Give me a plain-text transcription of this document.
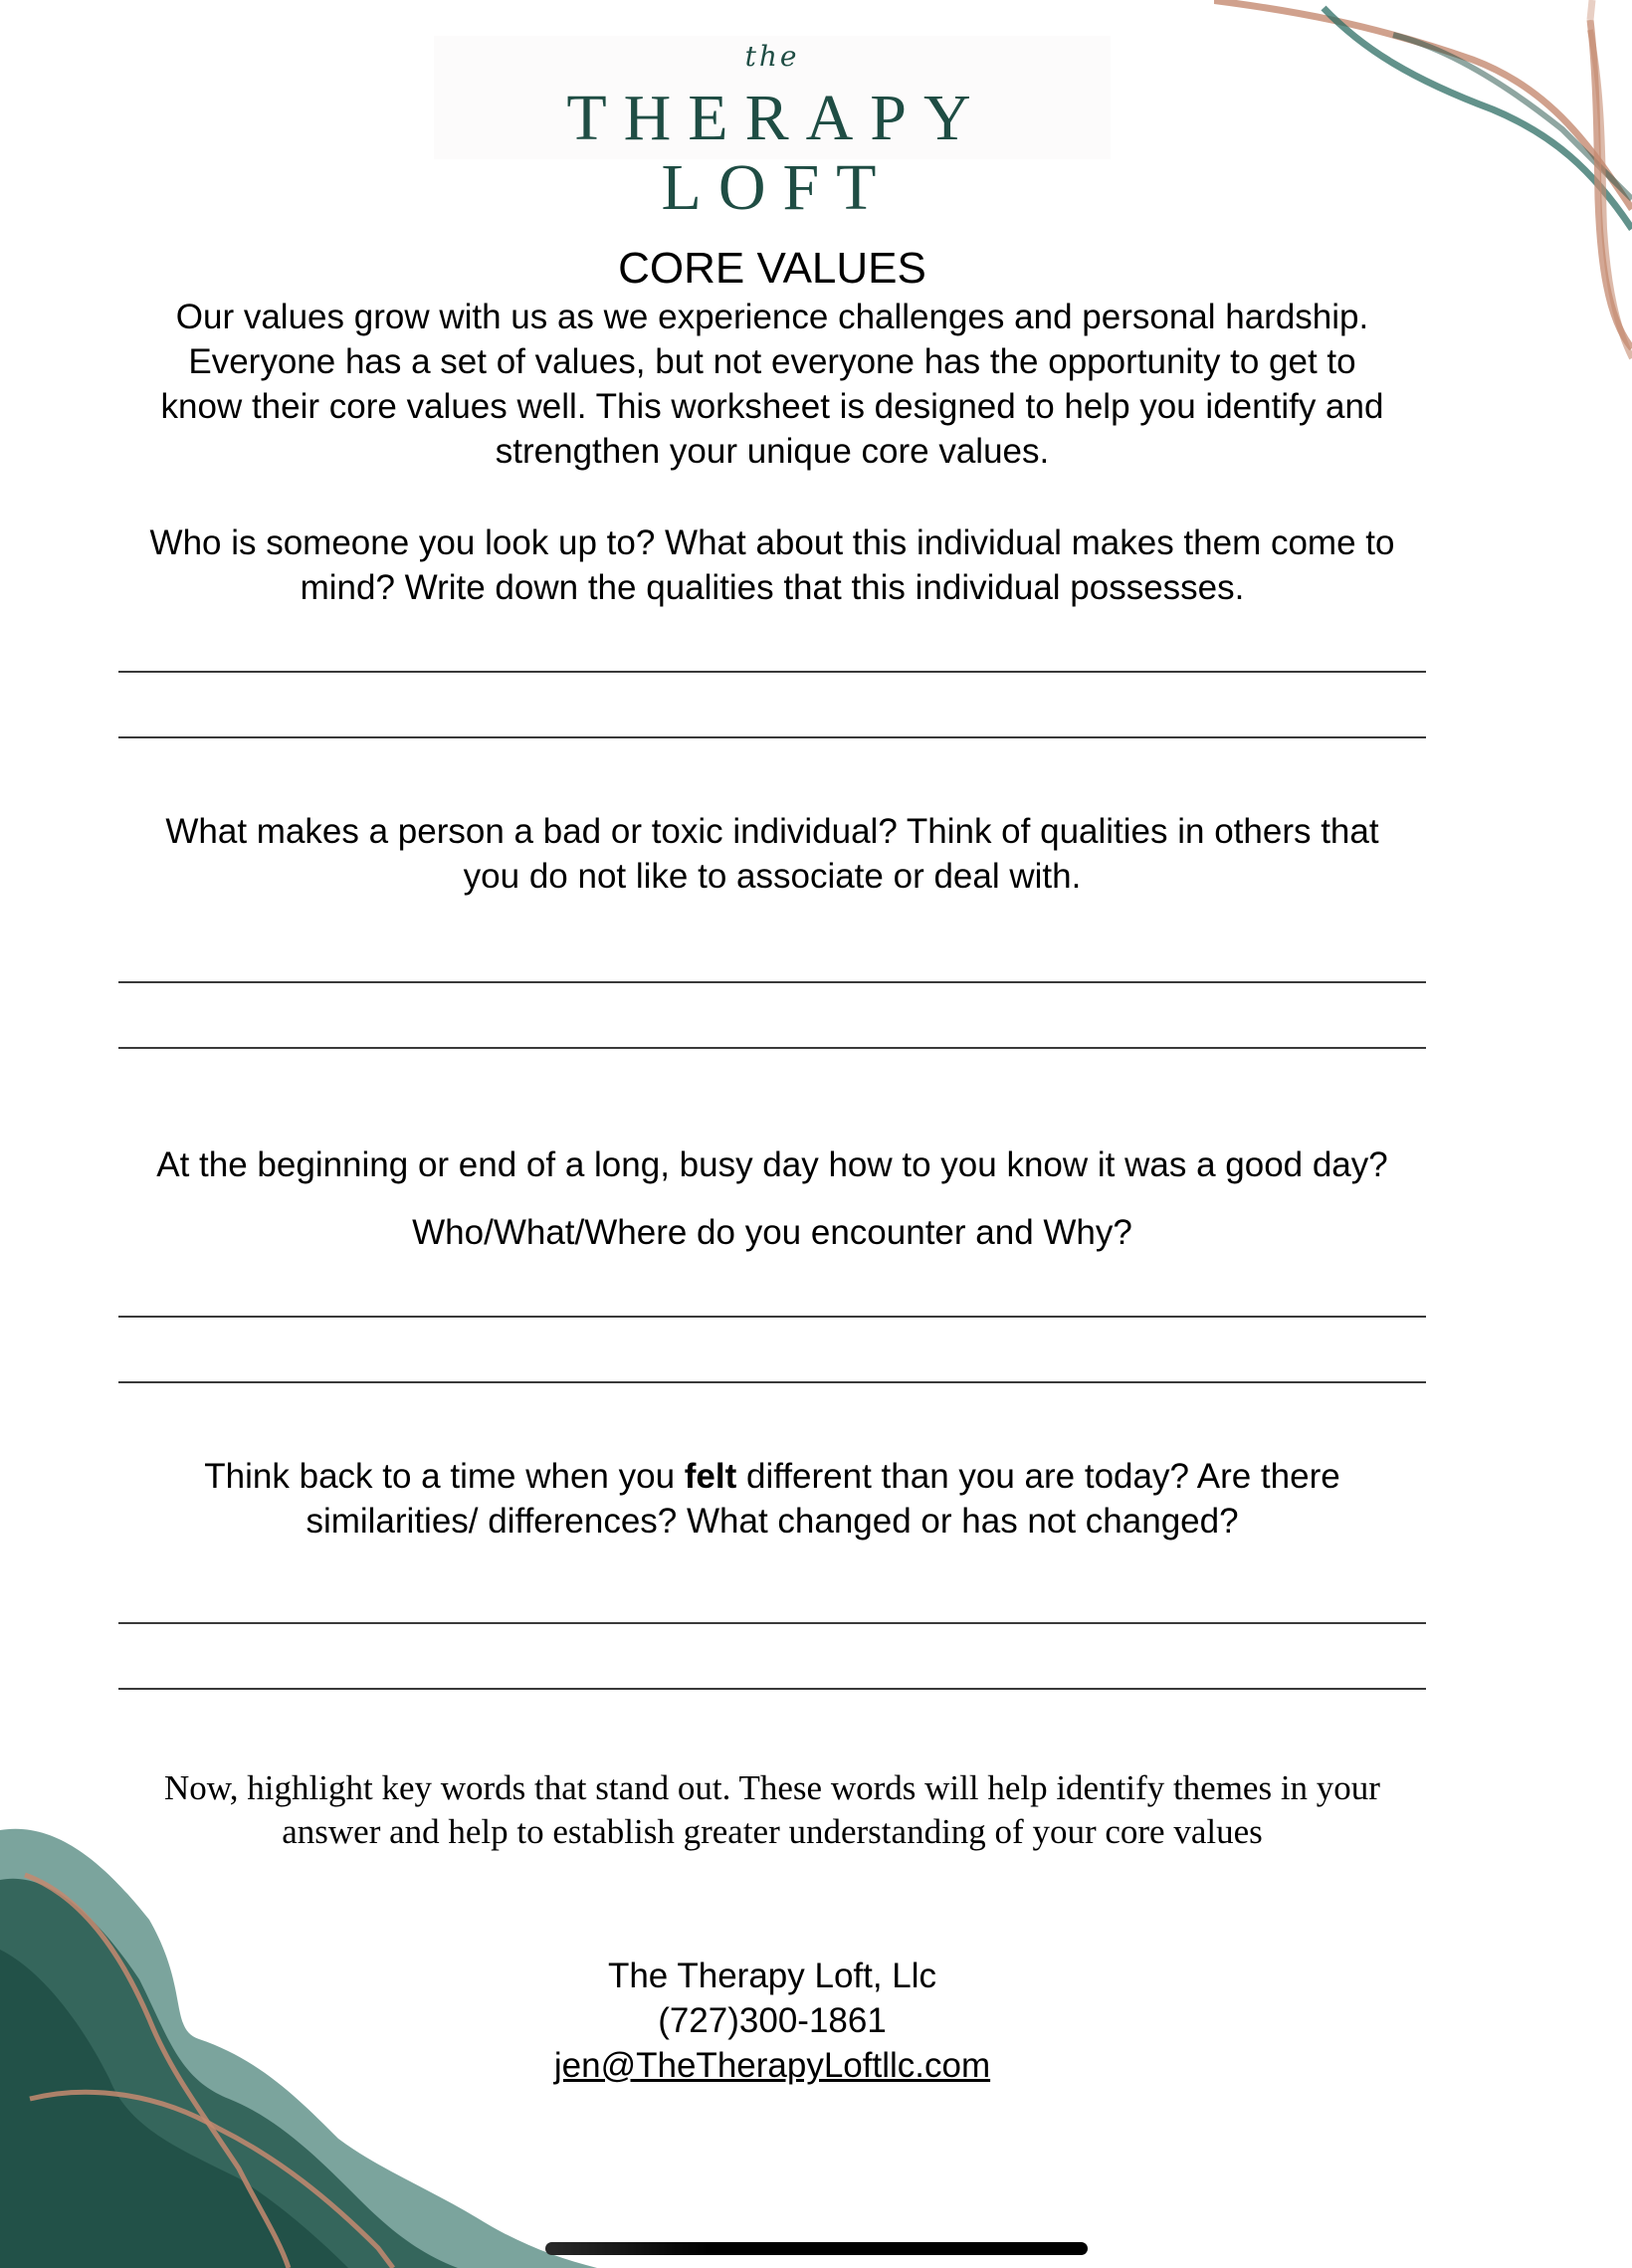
the
THERAPY LOFT
CORE VALUES
Our values grow with us as we experience challenges and personal hardship.
Everyone has a set of values, but not everyone has the opportunity to get to
know their core values well. This worksheet is designed to help you identify and
strengthen your unique core values.
Who is someone you look up to? What about this individual makes them come to
mind? Write down the qualities that this individual possesses.
What makes a person a bad or toxic individual? Think of qualities in others that
you do not like to associate or deal with.
At the beginning or end of a long, busy day how to you know it was a good day?
Who/What/Where do you encounter and Why?
Think back to a time when you felt different than you are today? Are there
similarities/ differences? What changed or has not changed?
Now, highlight key words that stand out. These words will help identify themes in your
answer and help to establish greater understanding of your core values
The Therapy Loft, Llc
(727)300-1861
jen@TheTherapyLoftllc.com
